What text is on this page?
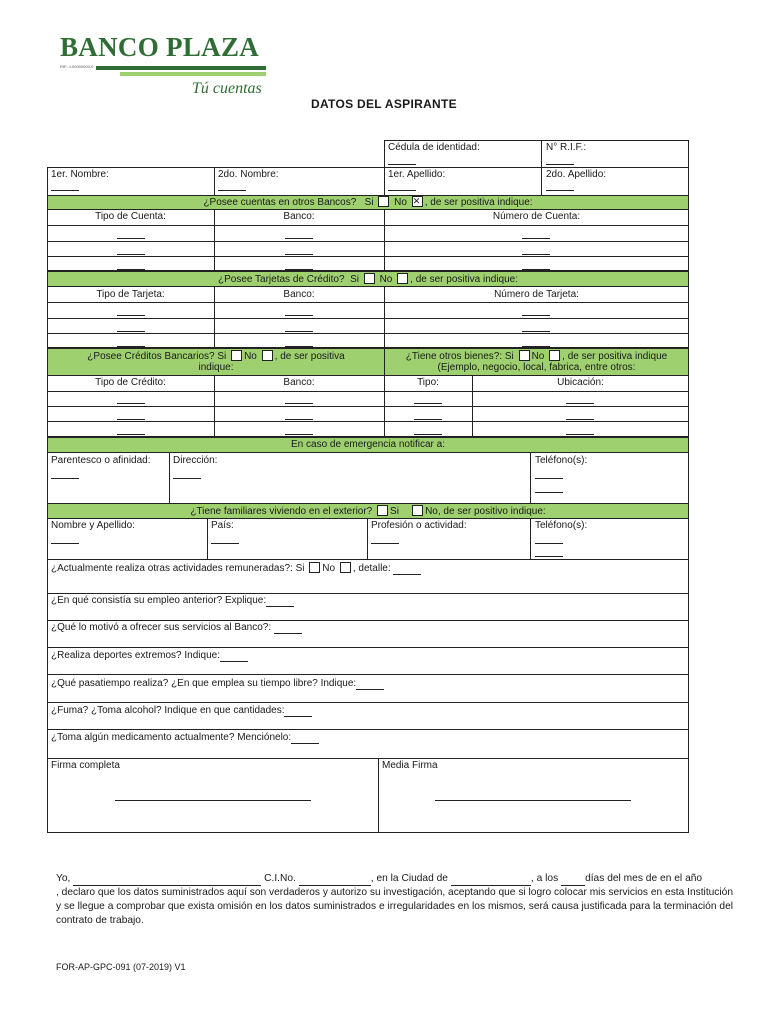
BANCO PLAZA
RIF: J-00000000-0
Tú cuentas
DATOS DEL ASPIRANTE
Cédula de identidad:	N° R.I.F.:
1er. Nombre:	2do. Nombre:	1er. Apellido:	2do. Apellido:
¿Posee cuentas en otros Bancos? Si No ✕ , de ser positiva indique:
Tipo de Cuenta:	Banco:	Número de Cuenta:
¿Posee Tarjetas de Crédito? Si No , de ser positiva indique:
Tipo de Tarjeta:	Banco:	Número de Tarjeta:
¿Posee Créditos Bancarios? Si No , de ser positiva
indique:
¿Tiene otros bienes?: Si No , de ser positiva indique
(Ejemplo, negocio, local, fabrica, entre otros:
Tipo de Crédito:	Banco:	Tipo:	Ubicación:
En caso de emergencia notificar a:
Parentesco o afinidad: Dirección:	Teléfono(s):
¿Tiene familiares viviendo en el exterior? Si	No, de ser positivo indique:
Nombre y Apellido:	País:	Profesión o actividad:	Teléfono(s):
¿Actualmente realiza otras actividades remuneradas?: Si No , detalle:
¿En qué consistía su empleo anterior? Explique:
¿Qué lo motivó a ofrecer sus servicios al Banco?:
¿Realiza deportes extremos? Indique:
¿Qué pasatiempo realiza? ¿En que emplea su tiempo libre? Indique:
¿Fuma? ¿Toma alcohol? Indique en que cantidades:
¿Toma algún medicamento actualmente? Menciónelo:
Firma completa	Media Firma
Yo,	C.I.No.	, en la Ciudad de	, a los	días del mes de en el año , declaro que los datos suministrados aquí son verdaderos y autorizo su investigación, aceptando que si logro colocar mis servicios en esta Institución y se llegue a comprobar que exista omisión en los datos suministrados e irregularidades en los mismos, será causa justificada para la terminación del contrato de trabajo.
FOR-AP-GPC-091 (07-2019) V1
